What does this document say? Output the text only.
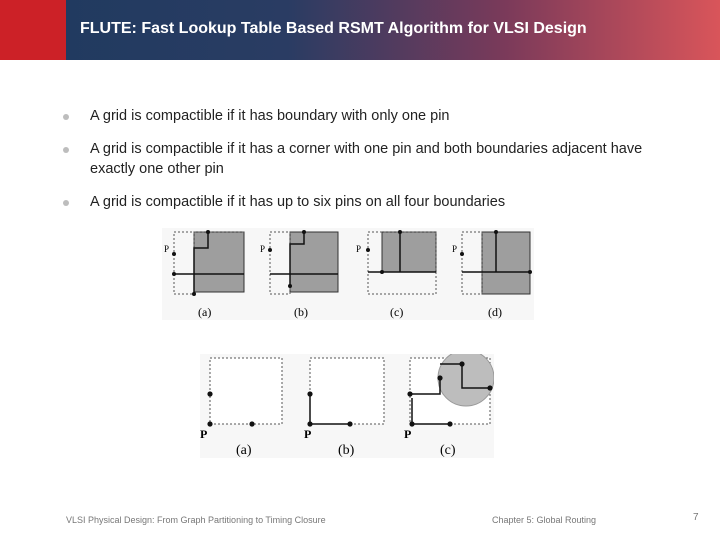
FLUTE: Fast Lookup Table Based RSMT Algorithm for VLSI Design
A grid is compactible if it has boundary with only one pin
A grid is compactible if it has a corner with one pin and both boundaries adjacent have exactly one other pin
A grid is compactible if it has up to six pins on all four boundaries
P	P	P	P
(a)	(b)	(c)	(d)
P	P	P
(a)	(b)	(c)
VLSI Physical Design: From Graph Partitioning to Timing Closure	Chapter 5: Global Routing	7
